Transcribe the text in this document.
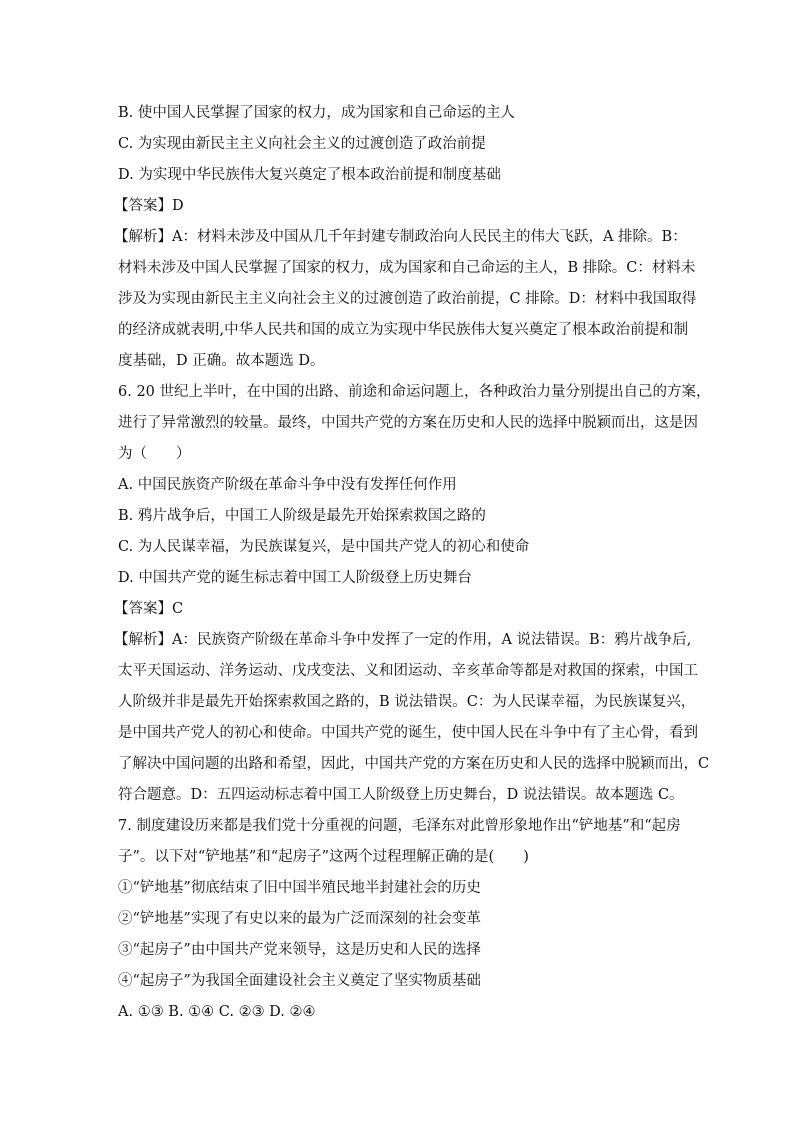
B. 使中国人民掌握了国家的权力，成为国家和自己命运的主人
C. 为实现由新民主主义向社会主义的过渡创造了政治前提
D. 为实现中华民族伟大复兴奠定了根本政治前提和制度基础
【答案】D
【解析】A：材料未涉及中国从几千年封建专制政治向人民民主的伟大飞跃，A 排除。B：
材料未涉及中国人民掌握了国家的权力，成为国家和自己命运的主人，B 排除。C：材料未
涉及为实现由新民主主义向社会主义的过渡创造了政治前提，C 排除。D：材料中我国取得
的经济成就表明,中华人民共和国的成立为实现中华民族伟大复兴奠定了根本政治前提和制
度基础，D 正确。故本题选 D。
6. 20 世纪上半叶，在中国的出路、前途和命运问题上，各种政治力量分别提出自己的方案，
进行了异常激烈的较量。最终，中国共产党的方案在历史和人民的选择中脱颖而出，这是因
为（　　）
A. 中国民族资产阶级在革命斗争中没有发挥任何作用
B. 鸦片战争后，中国工人阶级是最先开始探索救国之路的
C. 为人民谋幸福，为民族谋复兴，是中国共产党人的初心和使命
D. 中国共产党的诞生标志着中国工人阶级登上历史舞台
【答案】C
【解析】A：民族资产阶级在革命斗争中发挥了一定的作用，A 说法错误。B：鸦片战争后,
太平天国运动、洋务运动、戊戌变法、义和团运动、辛亥革命等都是对救国的探索，中国工
人阶级并非是最先开始探索救国之路的，B 说法错误。C：为人民谋幸福，为民族谋复兴，
是中国共产党人的初心和使命。中国共产党的诞生，使中国人民在斗争中有了主心骨，看到
了解决中国问题的出路和希望，因此，中国共产党的方案在历史和人民的选择中脱颖而出，C
符合题意。D：五四运动标志着中国工人阶级登上历史舞台，D 说法错误。故本题选 C。
7. 制度建设历来都是我们党十分重视的问题，毛泽东对此曾形象地作出“铲地基”和“起房
子”。以下对“铲地基”和“起房子”这两个过程理解正确的是(　　)
①“铲地基”彻底结束了旧中国半殖民地半封建社会的历史
②“铲地基”实现了有史以来的最为广泛而深刻的社会变革
③“起房子”由中国共产党来领导，这是历史和人民的选择
④“起房子”为我国全面建设社会主义奠定了坚实物质基础
A. ①③ B. ①④ C. ②③ D. ②④
